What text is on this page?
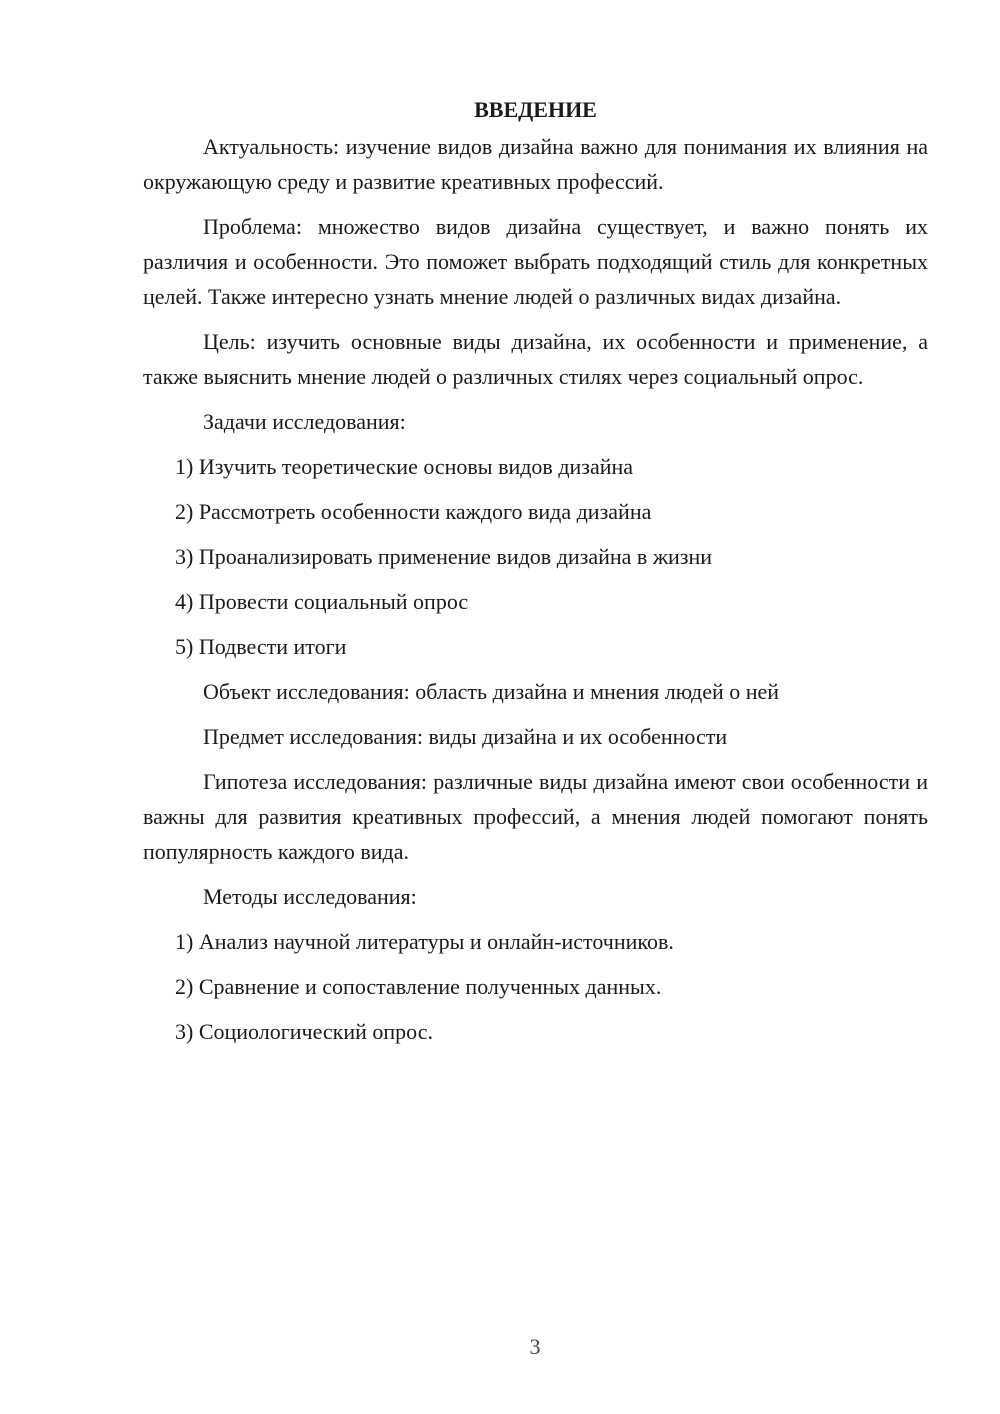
ВВЕДЕНИЕ

Актуальность: изучение видов дизайна важно для понимания их влияния на окружающую среду и развитие креативных профессий.

Проблема: множество видов дизайна существует, и важно понять их различия и особенности. Это поможет выбрать подходящий стиль для конкретных целей. Также интересно узнать мнение людей о различных видах дизайна.

Цель: изучить основные виды дизайна, их особенности и применение, а также выяснить мнение людей о различных стилях через социальный опрос.

Задачи исследования:
1) Изучить теоретические основы видов дизайна
2) Рассмотреть особенности каждого вида дизайна
3) Проанализировать применение видов дизайна в жизни
4) Провести социальный опрос
5) Подвести итоги
Объект исследования: область дизайна и мнения людей о ней
Предмет исследования: виды дизайна и их особенности

Гипотеза исследования: различные виды дизайна имеют свои особенности и важны для развития креативных профессий, а мнения людей помогают понять популярность каждого вида.

Методы исследования:
1) Анализ научной литературы и онлайн-источников.
2) Сравнение и сопоставление полученных данных.
3) Социологический опрос.
3
